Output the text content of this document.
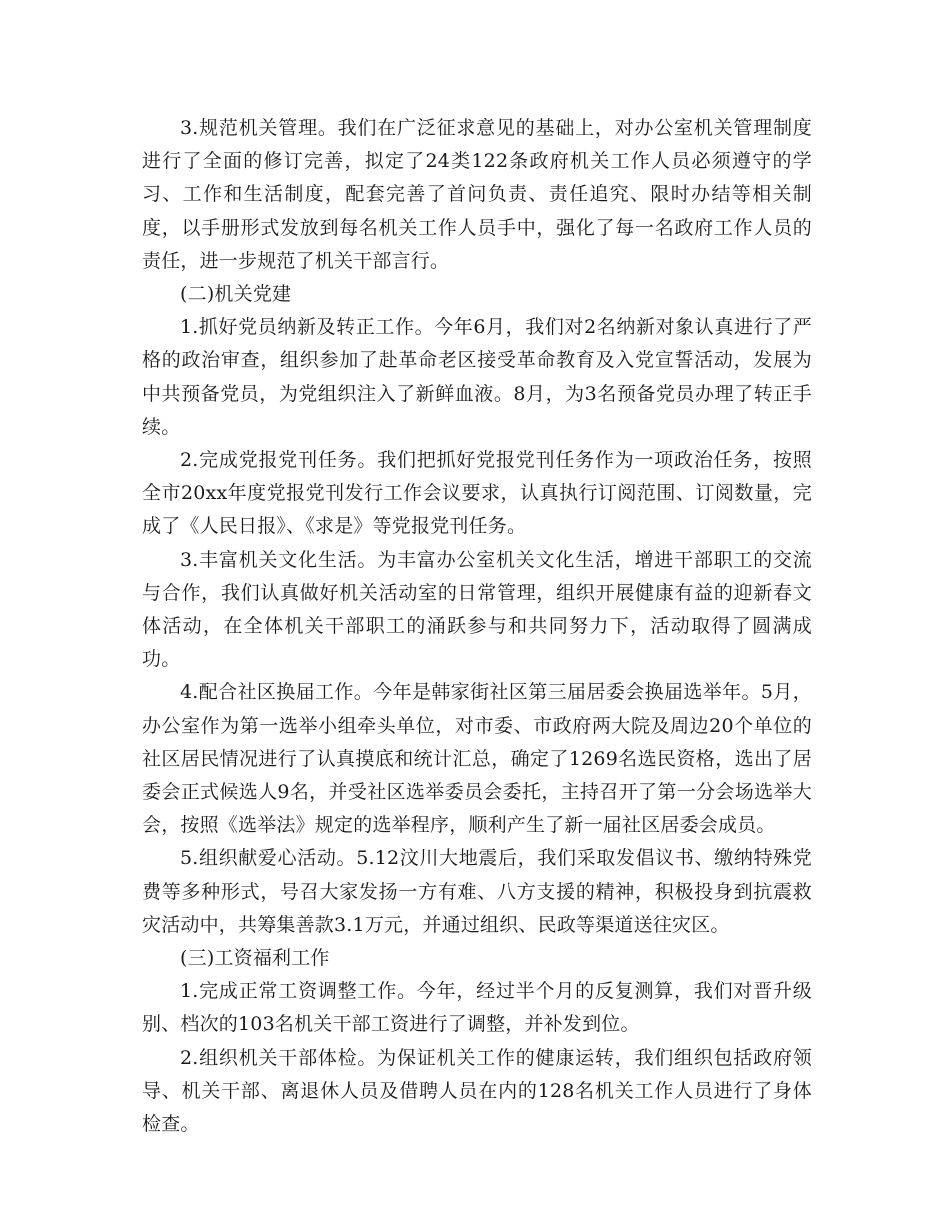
3.规范机关管理。我们在广泛征求意见的基础上，对办公室机关管理制度进行了全面的修订完善，拟定了24类122条政府机关工作人员必须遵守的学习、工作和生活制度，配套完善了首问负责、责任追究、限时办结等相关制度，以手册形式发放到每名机关工作人员手中，强化了每一名政府工作人员的责任，进一步规范了机关干部言行。

(二)机关党建

1.抓好党员纳新及转正工作。今年6月，我们对2名纳新对象认真进行了严格的政治审查，组织参加了赴革命老区接受革命教育及入党宣誓活动，发展为中共预备党员，为党组织注入了新鲜血液。8月，为3名预备党员办理了转正手续。

2.完成党报党刊任务。我们把抓好党报党刊任务作为一项政治任务，按照全市20xx年度党报党刊发行工作会议要求，认真执行订阅范围、订阅数量，完成了《人民日报》、《求是》等党报党刊任务。

3.丰富机关文化生活。为丰富办公室机关文化生活，增进干部职工的交流与合作，我们认真做好机关活动室的日常管理，组织开展健康有益的迎新春文体活动，在全体机关干部职工的涌跃参与和共同努力下，活动取得了圆满成功。

4.配合社区换届工作。今年是韩家街社区第三届居委会换届选举年。5月，办公室作为第一选举小组牵头单位，对市委、市政府两大院及周边20个单位的社区居民情况进行了认真摸底和统计汇总，确定了1269名选民资格，选出了居委会正式候选人9名，并受社区选举委员会委托，主持召开了第一分会场选举大会，按照《选举法》规定的选举程序，顺利产生了新一届社区居委会成员。

5.组织献爱心活动。5.12汶川大地震后，我们采取发倡议书、缴纳特殊党费等多种形式，号召大家发扬一方有难、八方支援的精神，积极投身到抗震救灾活动中，共筹集善款3.1万元，并通过组织、民政等渠道送往灾区。

(三)工资福利工作

1.完成正常工资调整工作。今年，经过半个月的反复测算，我们对晋升级别、档次的103名机关干部工资进行了调整，并补发到位。

2.组织机关干部体检。为保证机关工作的健康运转，我们组织包括政府领导、机关干部、离退休人员及借聘人员在内的128名机关工作人员进行了身体检查。
